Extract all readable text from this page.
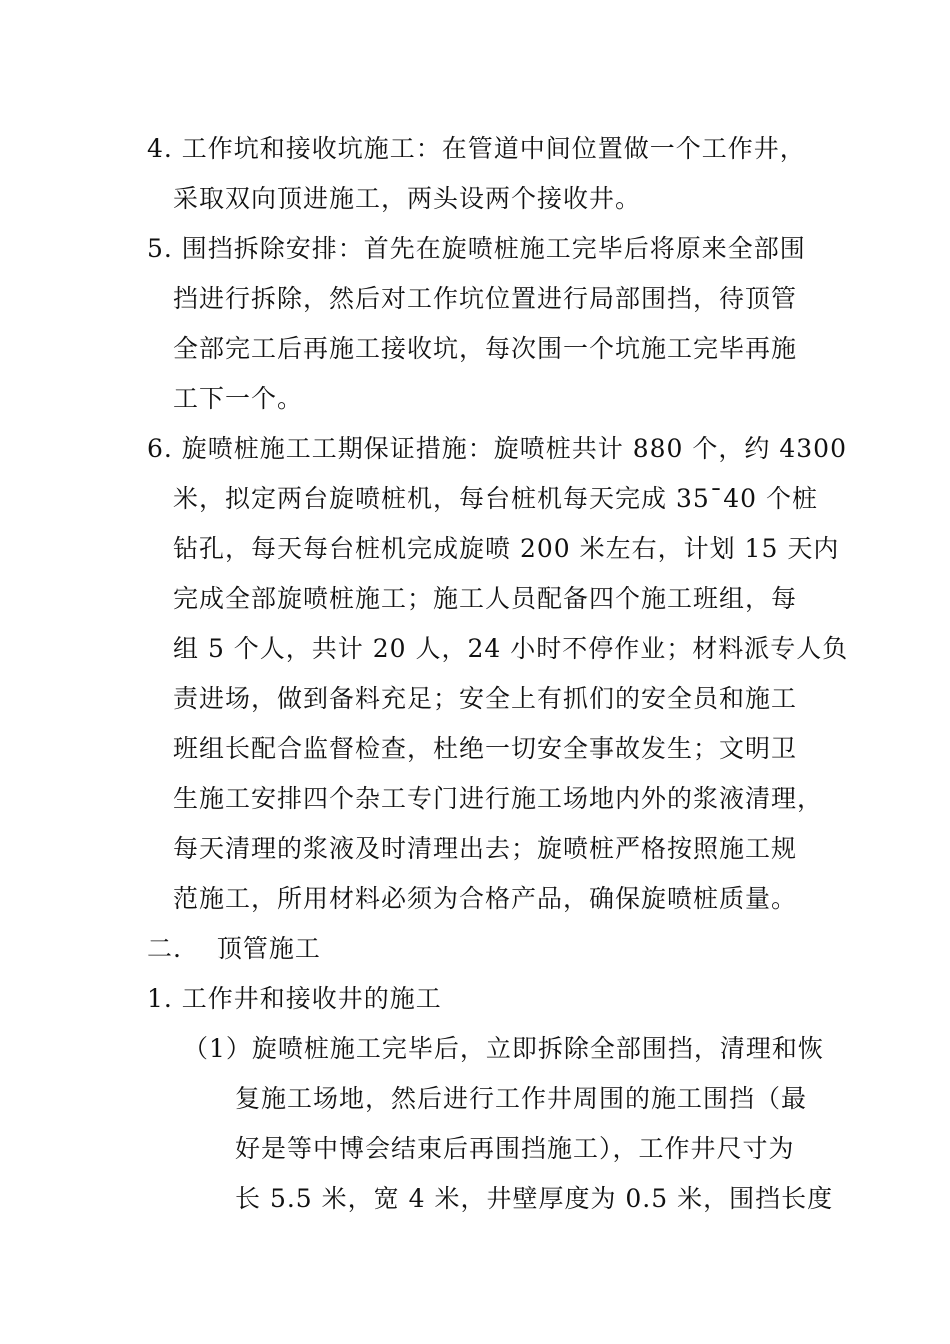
4. 工作坑和接收坑施工：在管道中间位置做一个工作井，
采取双向顶进施工，两头设两个接收井。
5. 围挡拆除安排：首先在旋喷桩施工完毕后将原来全部围
挡进行拆除，然后对工作坑位置进行局部围挡，待顶管
全部完工后再施工接收坑，每次围一个坑施工完毕再施
工下一个。
6. 旋喷桩施工工期保证措施：旋喷桩共计 880 个，约 4300
米，拟定两台旋喷桩机，每台桩机每天完成 35¯40 个桩
钻孔，每天每台桩机完成旋喷 200 米左右，计划 15 天内
完成全部旋喷桩施工；施工人员配备四个施工班组，每
组 5 个人，共计 20 人，24 小时不停作业；材料派专人负
责进场，做到备料充足；安全上有抓们的安全员和施工
班组长配合监督检查，杜绝一切安全事故发生；文明卫
生施工安排四个杂工专门进行施工场地内外的浆液清理，
每天清理的浆液及时清理出去；旋喷桩严格按照施工规
范施工，所用材料必须为合格产品，确保旋喷桩质量。
二.　 顶管施工
1. 工作井和接收井的施工
（1）旋喷桩施工完毕后，立即拆除全部围挡，清理和恢
复施工场地，然后进行工作井周围的施工围挡（最
好是等中博会结束后再围挡施工），工作井尺寸为
长 5.5 米，宽 4 米，井壁厚度为 0.5 米，围挡长度
